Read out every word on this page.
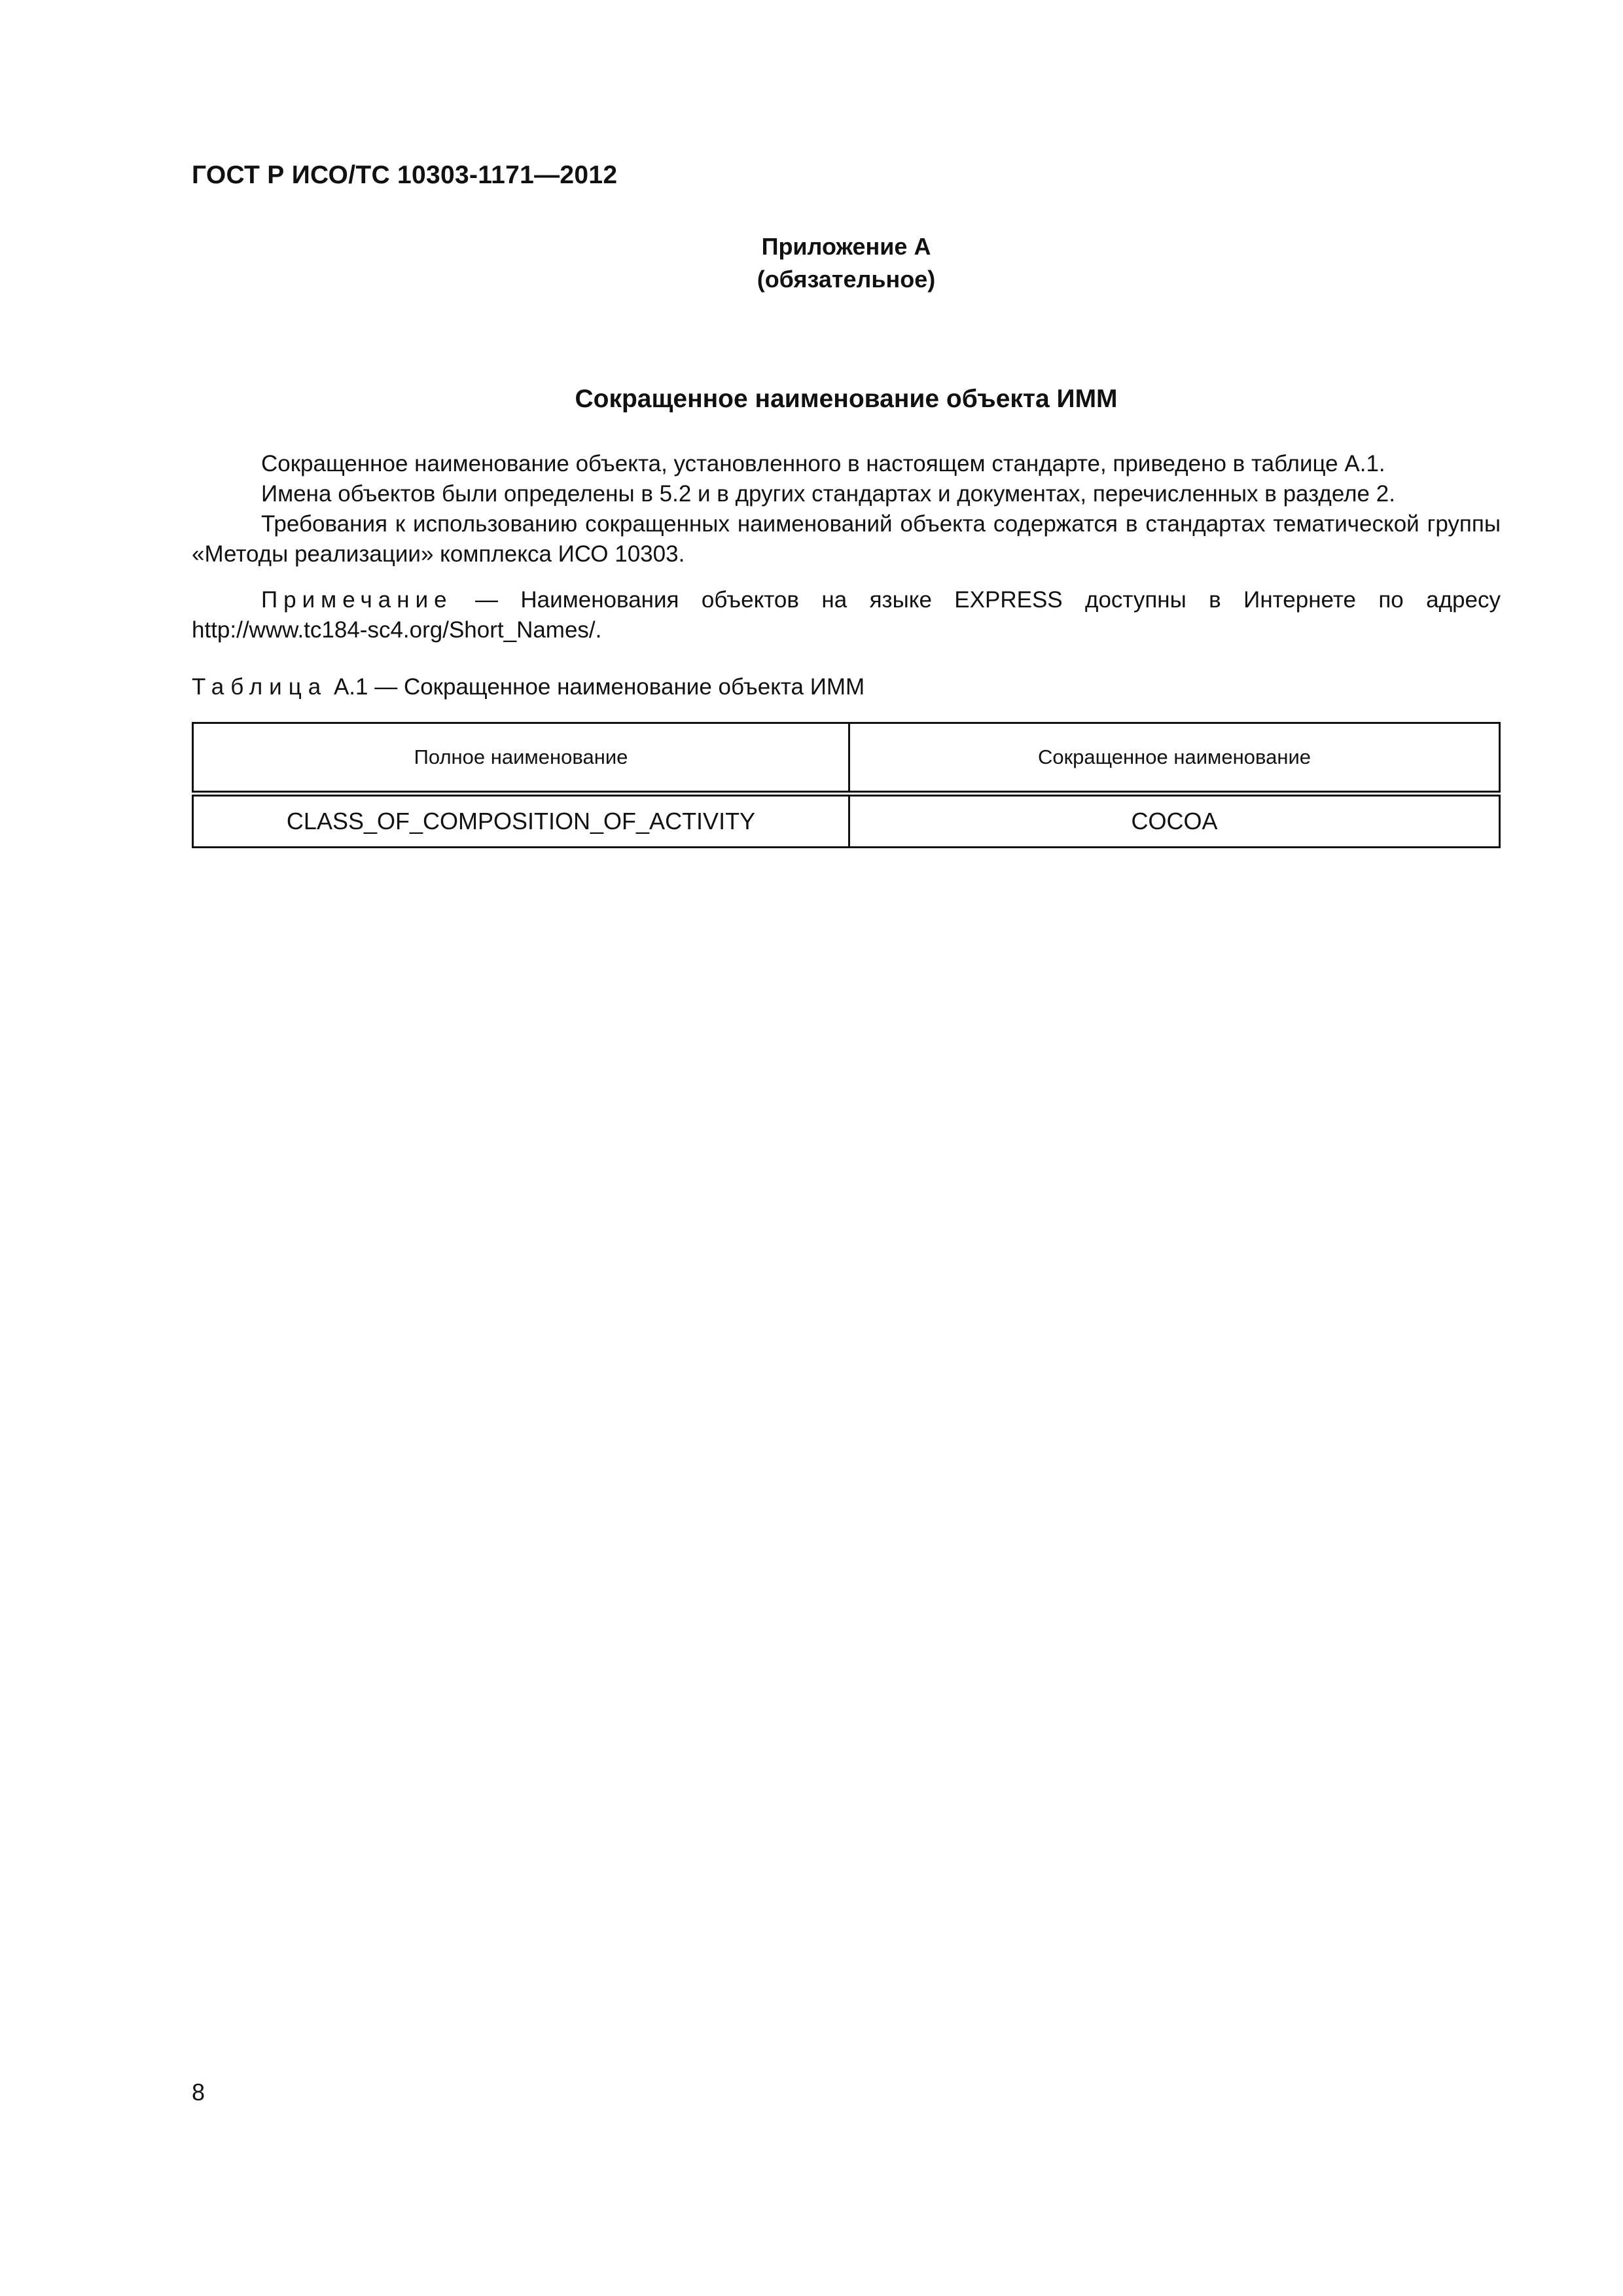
ГОСТ Р ИСО/ТС 10303-1171—2012
Приложение А
(обязательное)
Сокращенное наименование объекта ИММ

Сокращенное наименование объекта, установленного в настоящем стандарте, приведено в таблице А.1.

Имена объектов были определены в 5.2 и в других стандартах и документах, перечисленных в разделе 2.

Требования к использованию сокращенных наименований объекта содержатся в стандартах тематической группы «Методы реализации» комплекса ИСО 10303.

Примечание — Наименования объектов на языке EXPRESS доступны в Интернете по адресу http://www.tc184-sc4.org/Short_Names/.

Таблица А.1 — Сокращенное наименование объекта ИММ

Полное наименование	Сокращенное наименование
CLASS_OF_COMPOSITION_OF_ACTIVITY	COCOA

8
